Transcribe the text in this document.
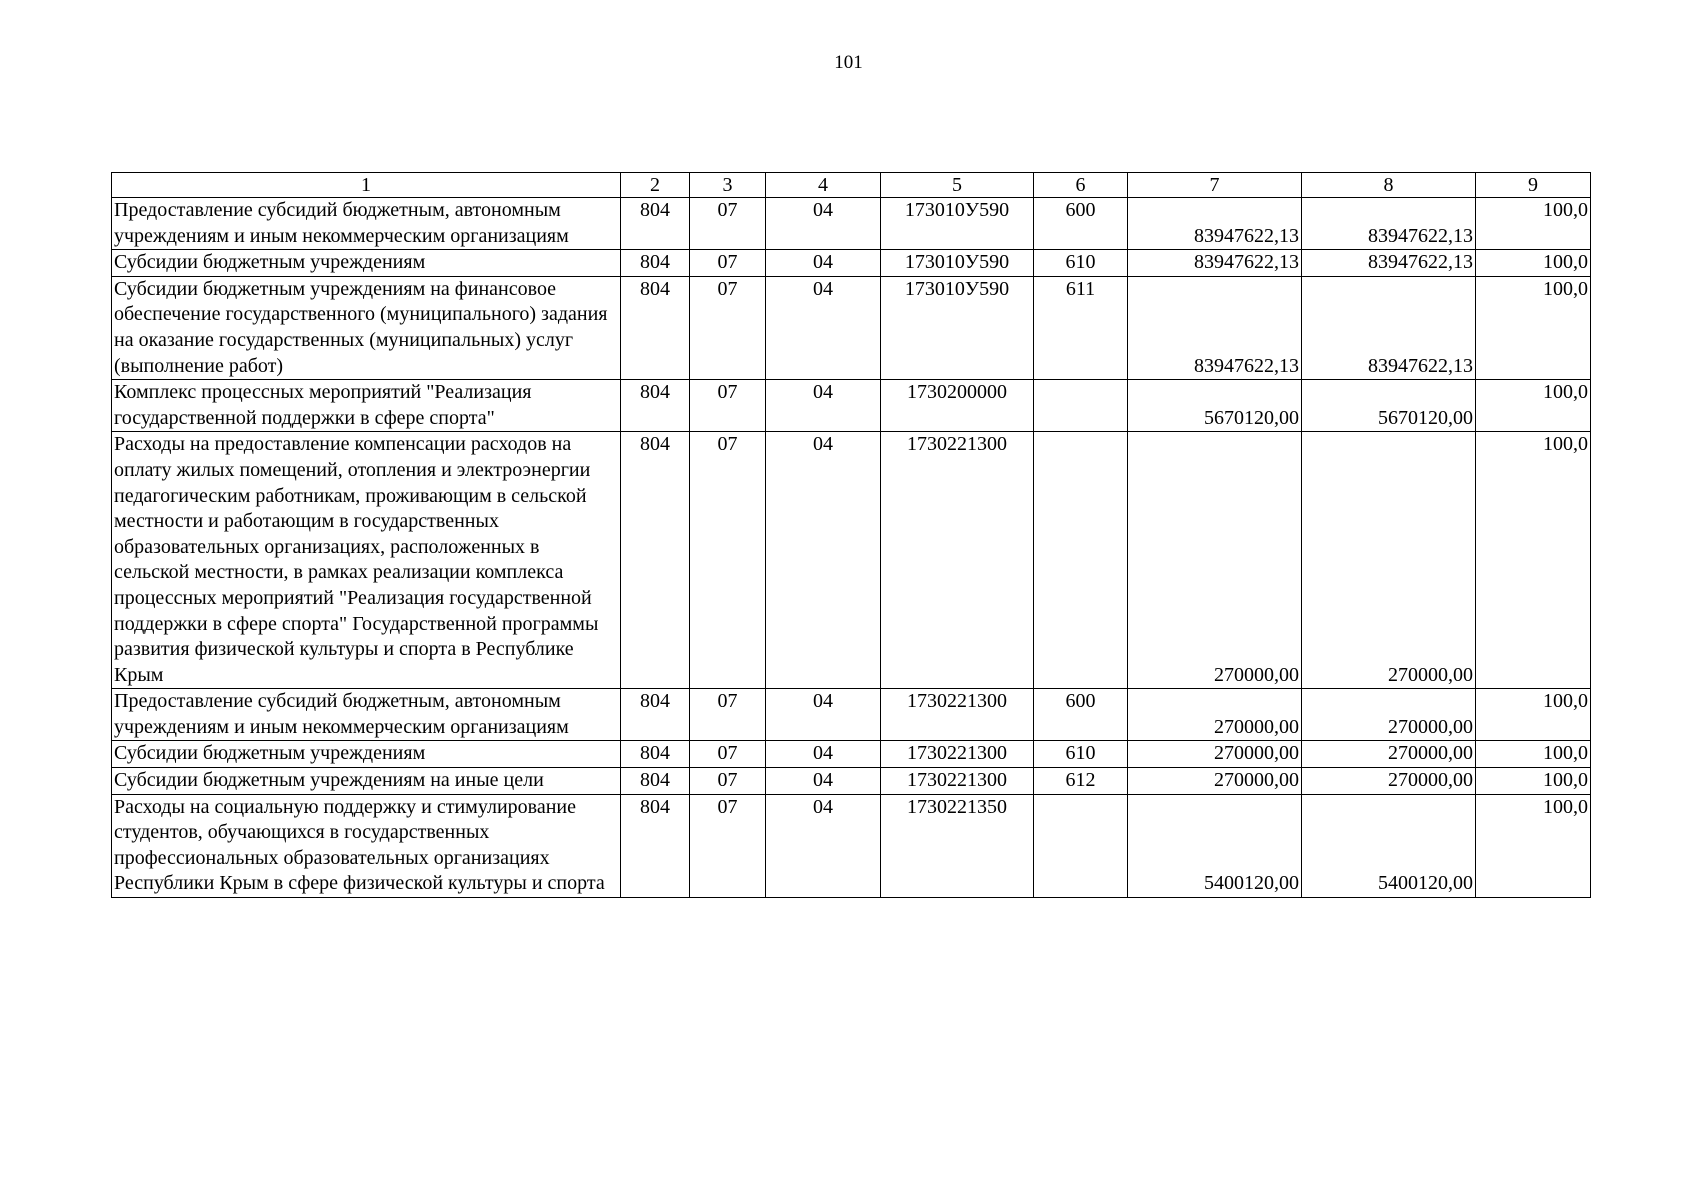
101
1	2	3	4	5	6	7	8	9
Предоставление субсидий бюджетным, автономным учреждениям и иным некоммерческим организациям	804	07	04	173010У590	600	83947622,13	83947622,13	100,0
Субсидии бюджетным учреждениям	804	07	04	173010У590	610	83947622,13	83947622,13	100,0
Субсидии бюджетным учреждениям на финансовое обеспечение государственного (муниципального) задания на оказание государственных (муниципальных) услуг (выполнение работ)	804	07	04	173010У590	611	83947622,13	83947622,13	100,0
Комплекс процессных мероприятий "Реализация государственной поддержки в сфере спорта"	804	07	04	1730200000		5670120,00	5670120,00	100,0
Расходы на предоставление компенсации расходов на оплату жилых помещений, отопления и электроэнергии педагогическим работникам, проживающим в сельской местности и работающим в государственных образовательных организациях, расположенных в сельской местности, в рамках реализации комплекса процессных мероприятий "Реализация государственной поддержки в сфере спорта" Государственной программы развития физической культуры и спорта в Республике Крым	804	07	04	1730221300		270000,00	270000,00	100,0
Предоставление субсидий бюджетным, автономным учреждениям и иным некоммерческим организациям	804	07	04	1730221300	600	270000,00	270000,00	100,0
Субсидии бюджетным учреждениям	804	07	04	1730221300	610	270000,00	270000,00	100,0
Субсидии бюджетным учреждениям на иные цели	804	07	04	1730221300	612	270000,00	270000,00	100,0
Расходы на социальную поддержку и стимулирование студентов, обучающихся в государственных профессиональных образовательных организациях Республики Крым в сфере физической культуры и спорта	804	07	04	1730221350		5400120,00	5400120,00	100,0
